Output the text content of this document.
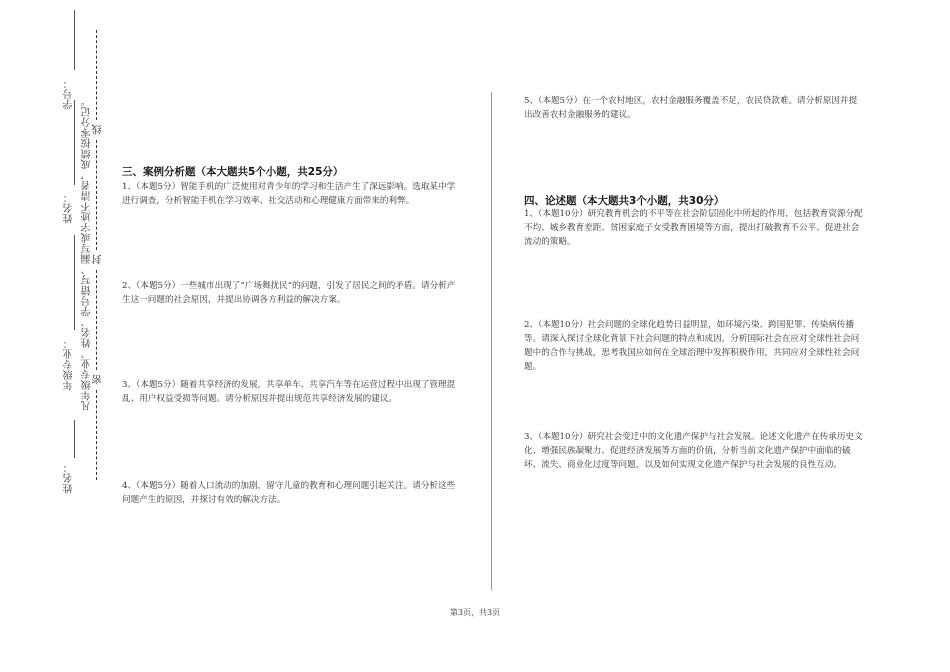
姓名：
年级专业：
姓名：
学号：
凡年级专业、姓名、学号错写、漏写或字迹不清者，成绩按零分记。 线
封
密
三、案例分析题（本大题共5个小题，共25分）
1、（本题5分）智能手机的广泛使用对青少年的学习和生活产生了深远影响。选取某中学进行调查，分析智能手机在学习效率、社交活动和心理健康方面带来的利弊。
2、（本题5分）一些城市出现了“广场舞扰民”的问题，引发了居民之间的矛盾。请分析产生这一问题的社会原因，并提出协调各方利益的解决方案。
3、（本题5分）随着共享经济的发展，共享单车、共享汽车等在运营过程中出现了管理混乱、用户权益受损等问题。请分析原因并提出规范共享经济发展的建议。
4、（本题5分）随着人口流动的加剧，留守儿童的教育和心理问题引起关注。请分析这些问题产生的原因，并探讨有效的解决方法。
5、（本题5分）在一个农村地区，农村金融服务覆盖不足，农民贷款难。请分析原因并提出改善农村金融服务的建议。
四、论述题（本大题共3个小题，共30分）
1、（本题10分）研究教育机会的不平等在社会阶层固化中所起的作用，包括教育资源分配不均、城乡教育差距、贫困家庭子女受教育困境等方面，提出打破教育不公平、促进社会流动的策略。
2、（本题10分）社会问题的全球化趋势日益明显，如环境污染、跨国犯罪、传染病传播等。请深入探讨全球化背景下社会问题的特点和成因，分析国际社会在应对全球性社会问题中的合作与挑战，思考我国应如何在全球治理中发挥积极作用，共同应对全球性社会问题。
3、（本题10分）研究社会变迁中的文化遗产保护与社会发展。论述文化遗产在传承历史文化、增强民族凝聚力、促进经济发展等方面的价值，分析当前文化遗产保护中面临的破坏、流失、商业化过度等问题，以及如何实现文化遗产保护与社会发展的良性互动。
第3页，共3页
